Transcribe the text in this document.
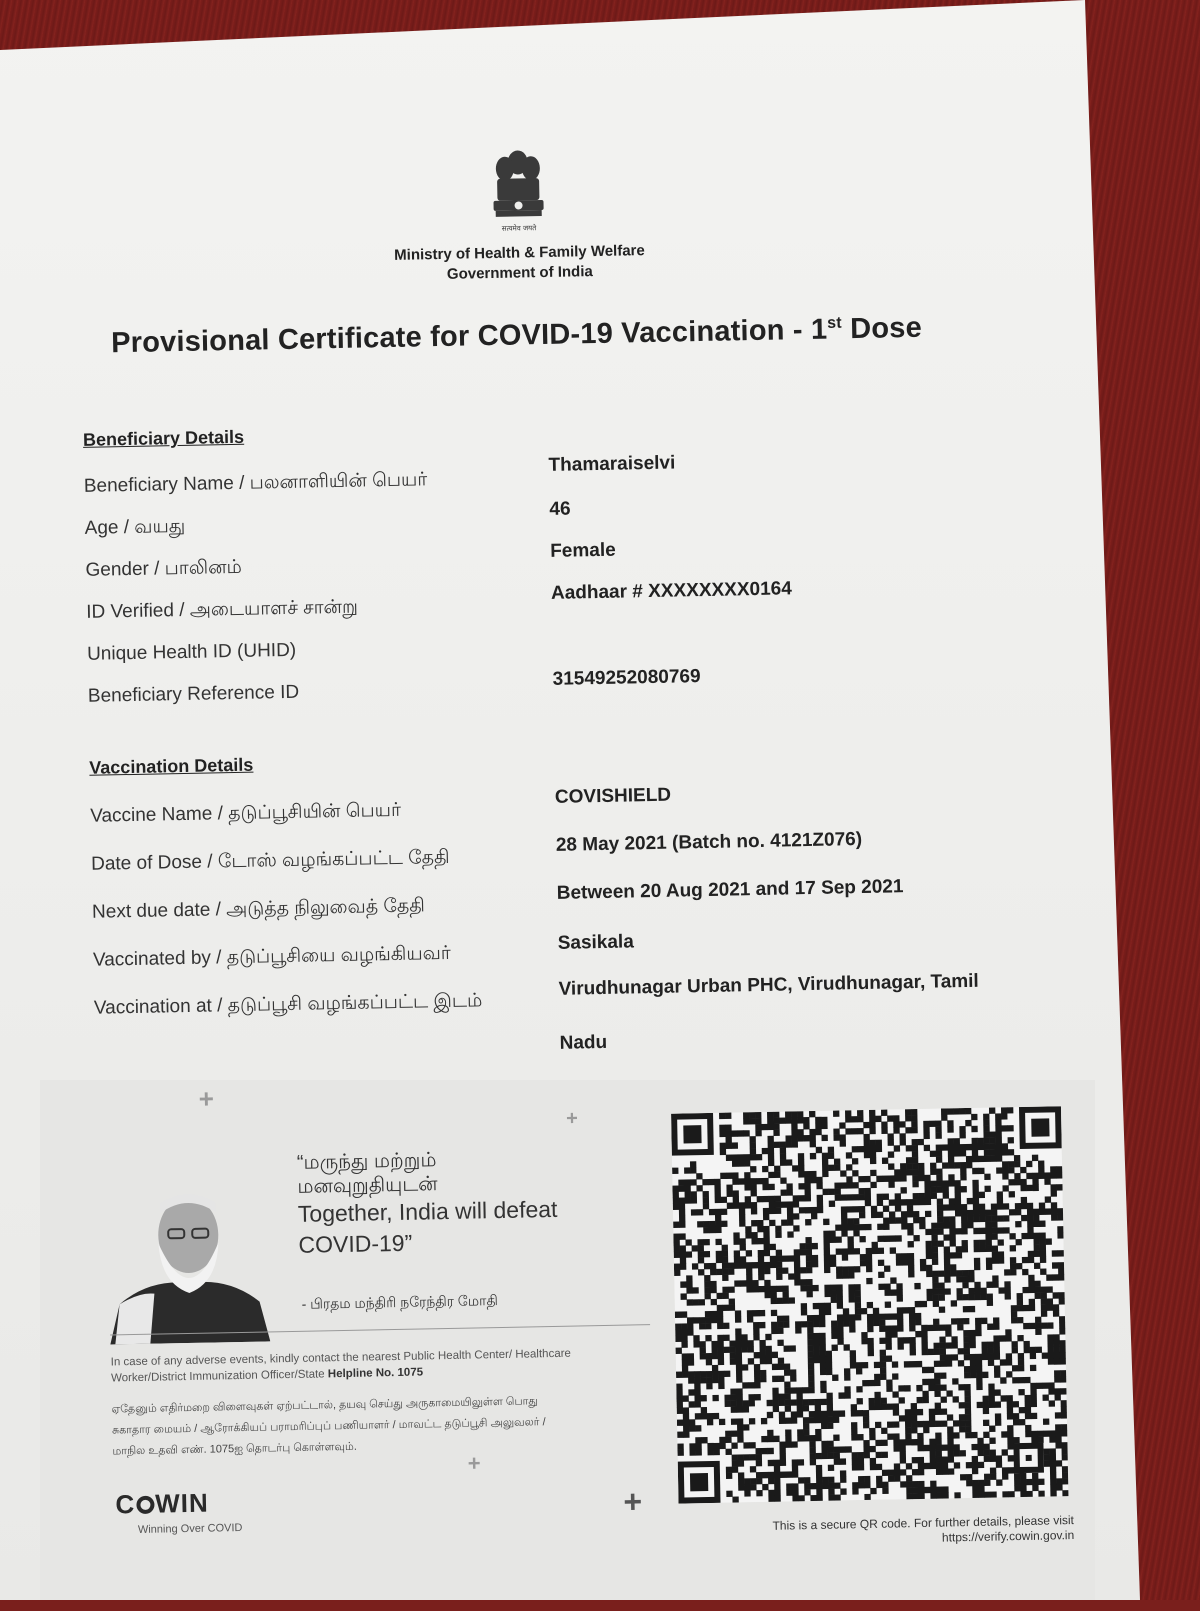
सत्यमेव जयते
Ministry of Health & Family Welfare
Government of India
Provisional Certificate for COVID-19 Vaccination - 1st Dose
Beneficiary Details
Beneficiary Name / பலனாளியின் பெயர்
Thamaraiselvi
Age / வயது
46
Gender / பாலினம்
Female
ID Verified / அடையாளச் சான்று
Aadhaar # XXXXXXXX0164
Unique Health ID (UHID)
Beneficiary Reference ID
31549252080769
Vaccination Details
Vaccine Name / தடுப்பூசியின் பெயர்
COVISHIELD
Date of Dose / டோஸ் வழங்கப்பட்ட தேதி
28 May 2021 (Batch no. 4121Z076)
Next due date / அடுத்த நிலுவைத் தேதி
Between 20 Aug 2021 and 17 Sep 2021
Vaccinated by / தடுப்பூசியை வழங்கியவர்
Sasikala
Vaccination at / தடுப்பூசி வழங்கப்பட்ட இடம்
Virudhunagar Urban PHC, Virudhunagar, Tamil
Nadu
+
+
+
+
“மருந்து மற்றும்
மனவுறுதியுடன்
Together, India will defeat
COVID-19”
- பிரதம மந்திரி நரேந்திர மோதி
In case of any adverse events, kindly contact the nearest Public Health Center/ Healthcare Worker/District Immunization Officer/State Helpline No. 1075
ஏதேனும் எதிர்மறை விளைவுகள் ஏற்பட்டால், தயவு செய்து அருகாமையிலுள்ள பொது
சுகாதார மையம் / ஆரோக்கியப் பராமரிப்புப் பணியாளர் / மாவட்ட தடுப்பூசி அலுவலர் /
மாநில உதவி எண். 1075ஐ தொடர்பு கொள்ளவும்.
C WIN
Winning Over COVID	This is a secure QR code. For further details, please visit
https://verify.cowin.gov.in
